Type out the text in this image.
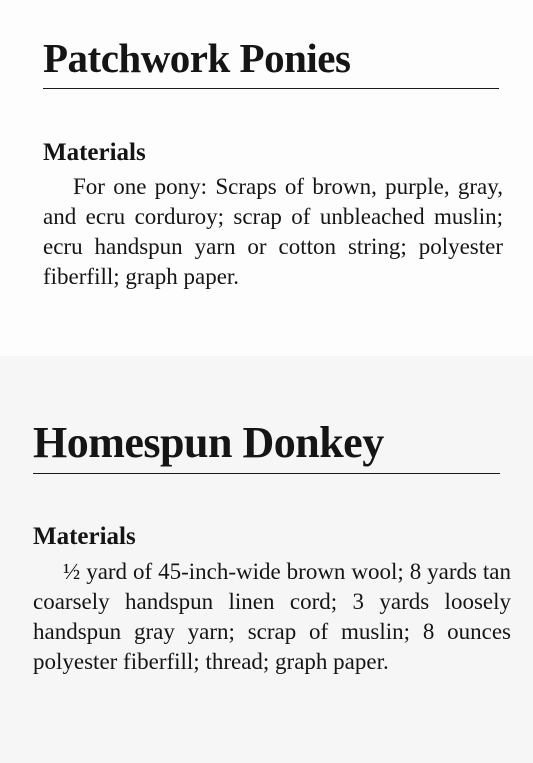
Patchwork Ponies
Materials

For one pony: Scraps of brown, purple, gray, and ecru corduroy; scrap of unbleached muslin; ecru handspun yarn or cotton string; polyester fiberfill; graph paper.

Homespun Donkey
Materials

½ yard of 45-inch-wide brown wool; 8 yards tan coarsely handspun linen cord; 3 yards loosely handspun gray yarn; scrap of muslin; 8 ounces polyester fiberfill; thread; graph paper.
